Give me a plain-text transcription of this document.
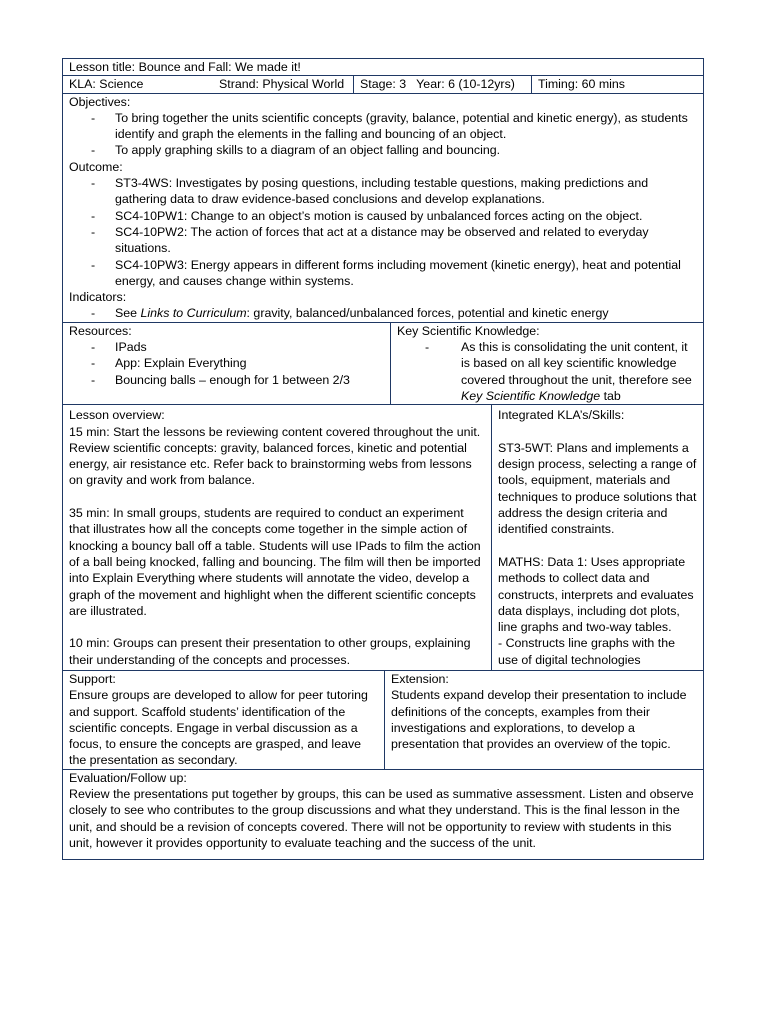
Lesson title: Bounce and Fall: We made it!
KLA: Science	Strand: Physical World	Stage: 3 Year: 6 (10-12yrs)	Timing: 60 mins
Objectives:
- To bring together the units scientific concepts (gravity, balance, potential and kinetic energy), as students identify and graph the elements in the falling and bouncing of an object.
- To apply graphing skills to a diagram of an object falling and bouncing.
Outcome:
- ST3-4WS: Investigates by posing questions, including testable questions, making predictions and gathering data to draw evidence-based conclusions and develop explanations.
- SC4-10PW1: Change to an object’s motion is caused by unbalanced forces acting on the object.
- SC4-10PW2: The action of forces that act at a distance may be observed and related to everyday situations.
- SC4-10PW3: Energy appears in different forms including movement (kinetic energy), heat and potential energy, and causes change within systems.
Indicators:
- See Links to Curriculum: gravity, balanced/unbalanced forces, potential and kinetic energy
Resources:
- IPads
- App: Explain Everything
- Bouncing balls – enough for 1 between 2/3
Key Scientific Knowledge:
- As this is consolidating the unit content, it is based on all key scientific knowledge covered throughout the unit, therefore see Key Scientific Knowledge tab
Lesson overview:

15 min: Start the lessons be reviewing content covered throughout the unit. Review scientific concepts: gravity, balanced forces, kinetic and potential energy, air resistance etc. Refer back to brainstorming webs from lessons on gravity and work from balance.

35 min: In small groups, students are required to conduct an experiment that illustrates how all the concepts come together in the simple action of knocking a bouncy ball off a table. Students will use IPads to film the action of a ball being knocked, falling and bouncing. The film will then be imported into Explain Everything where students will annotate the video, develop a graph of the movement and highlight when the different scientific concepts are illustrated.

10 min: Groups can present their presentation to other groups, explaining their understanding of the concepts and processes.

Integrated KLA’s/Skills:

ST3-5WT: Plans and implements a design process, selecting a range of tools, equipment, materials and techniques to produce solutions that address the design criteria and identified constraints.

MATHS: Data 1: Uses appropriate methods to collect data and constructs, interprets and evaluates data displays, including dot plots, line graphs and two-way tables.

- Constructs line graphs with the use of digital technologies

Support:

Ensure groups are developed to allow for peer tutoring and support. Scaffold students’ identification of the scientific concepts. Engage in verbal discussion as a focus, to ensure the concepts are grasped, and leave the presentation as secondary.

Extension:

Students expand develop their presentation to include definitions of the concepts, examples from their investigations and explorations, to develop a presentation that provides an overview of the topic.

Evaluation/Follow up:

Review the presentations put together by groups, this can be used as summative assessment. Listen and observe closely to see who contributes to the group discussions and what they understand. This is the final lesson in the unit, and should be a revision of concepts covered. There will not be opportunity to review with students in this unit, however it provides opportunity to evaluate teaching and the success of the unit.
